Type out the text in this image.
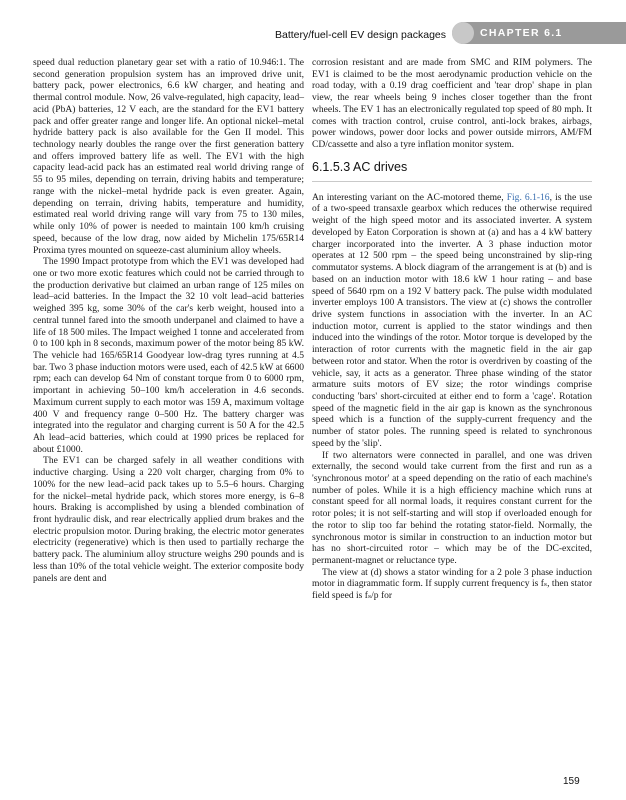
Battery/fuel-cell EV design packages	CHAPTER 6.1

speed dual reduction planetary gear set with a ratio of 10.946:1. The second generation propulsion system has an improved drive unit, battery pack, power electronics, 6.6 kW charger, and heating and thermal control module. Now, 26 valve-regulated, high capacity, lead–acid (PbA) batteries, 12 V each, are the standard for the EV1 battery pack and offer greater range and longer life. An optional nickel–metal hydride battery pack is also available for the Gen II model. This technology nearly doubles the range over the first generation battery and offers improved battery life as well. The EV1 with the high capacity lead-acid pack has an estimated real world driving range of 55 to 95 miles, depending on terrain, driving habits and temperature; range with the nickel–metal hydride pack is even greater. Again, depending on terrain, driving habits, temperature and humidity, estimated real world driving range will vary from 75 to 130 miles, while only 10% of power is needed to maintain 100 km/h cruising speed, because of the low drag, now aided by Michelin 175/65R14 Proxima tyres mounted on squeeze-cast aluminium alloy wheels.

The 1990 Impact prototype from which the EV1 was developed had one or two more exotic features which could not be carried through to the production derivative but claimed an urban range of 125 miles on lead–acid batteries. In the Impact the 32 10 volt lead–acid batteries weighed 395 kg, some 30% of the car's kerb weight, housed into a central tunnel fared into the smooth underpanel and claimed to have a life of 18 500 miles. The Impact weighed 1 tonne and accelerated from 0 to 100 kph in 8 seconds, maximum power of the motor being 85 kW. The vehicle had 165/65R14 Goodyear low-drag tyres running at 4.5 bar. Two 3 phase induction motors were used, each of 42.5 kW at 6600 rpm; each can develop 64 Nm of constant torque from 0 to 6000 rpm, important in achieving 50–100 km/h acceleration in 4.6 seconds. Maximum current supply to each motor was 159 A, maximum voltage 400 V and frequency range 0–500 Hz. The battery charger was integrated into the regulator and charging current is 50 A for the 42.5 Ah lead–acid batteries, which could at 1990 prices be replaced for about £1000.

The EV1 can be charged safely in all weather conditions with inductive charging. Using a 220 volt charger, charging from 0% to 100% for the new lead–acid pack takes up to 5.5–6 hours. Charging for the nickel–metal hydride pack, which stores more energy, is 6–8 hours. Braking is accomplished by using a blended combination of front hydraulic disk, and rear electrically applied drum brakes and the electric propulsion motor. During braking, the electric motor generates electricity (regenerative) which is then used to partially recharge the battery pack. The aluminium alloy structure weighs 290 pounds and is less than 10% of the total vehicle weight. The exterior composite body panels are dent and

corrosion resistant and are made from SMC and RIM polymers. The EV1 is claimed to be the most aerodynamic production vehicle on the road today, with a 0.19 drag coefficient and 'tear drop' shape in plan view, the rear wheels being 9 inches closer together than the front wheels. The EV 1 has an electronically regulated top speed of 80 mph. It comes with traction control, cruise control, anti-lock brakes, airbags, power windows, power door locks and power outside mirrors, AM/FM CD/cassette and also a tyre inflation monitor system.

6.1.5.3 AC drives

An interesting variant on the AC-motored theme, Fig. 6.1-16, is the use of a two-speed transaxle gearbox which reduces the otherwise required weight of the high speed motor and its associated inverter. A system developed by Eaton Corporation is shown at (a) and has a 4 kW battery charger incorporated into the inverter. A 3 phase induction motor operates at 12 500 rpm – the speed being unconstrained by slip-ring commutator systems. A block diagram of the arrangement is at (b) and is based on an induction motor with 18.6 kW 1 hour rating – and base speed of 5640 rpm on a 192 V battery pack. The pulse width modulated inverter employs 100 A transistors. The view at (c) shows the controller drive system functions in association with the inverter. In an AC induction motor, current is applied to the stator windings and then induced into the windings of the rotor. Motor torque is developed by the interaction of rotor currents with the magnetic field in the air gap between rotor and stator. When the rotor is overdriven by coasting of the vehicle, say, it acts as a generator. Three phase winding of the stator armature suits motors of EV size; the rotor windings comprise conducting 'bars' short-circuited at either end to form a 'cage'. Rotation speed of the magnetic field in the air gap is known as the synchronous speed which is a function of the supply-current frequency and the number of stator poles. The running speed is related to synchronous speed by the 'slip'.

If two alternators were connected in parallel, and one was driven externally, the second would take current from the first and run as a 'synchronous motor' at a speed depending on the ratio of each machine's number of poles. While it is a high efficiency machine which runs at constant speed for all normal loads, it requires constant current for the rotor poles; it is not self-starting and will stop if overloaded enough for the rotor to slip too far behind the rotating stator-field. Normally, the synchronous motor is similar in construction to an induction motor but has no short-circuited rotor – which may be of the DC-excited, permanent-magnet or reluctance type.

The view at (d) shows a stator winding for a 2 pole 3 phase induction motor in diagrammatic form. If supply current frequency is fₛ, then stator field speed is fₛ/p for

159
